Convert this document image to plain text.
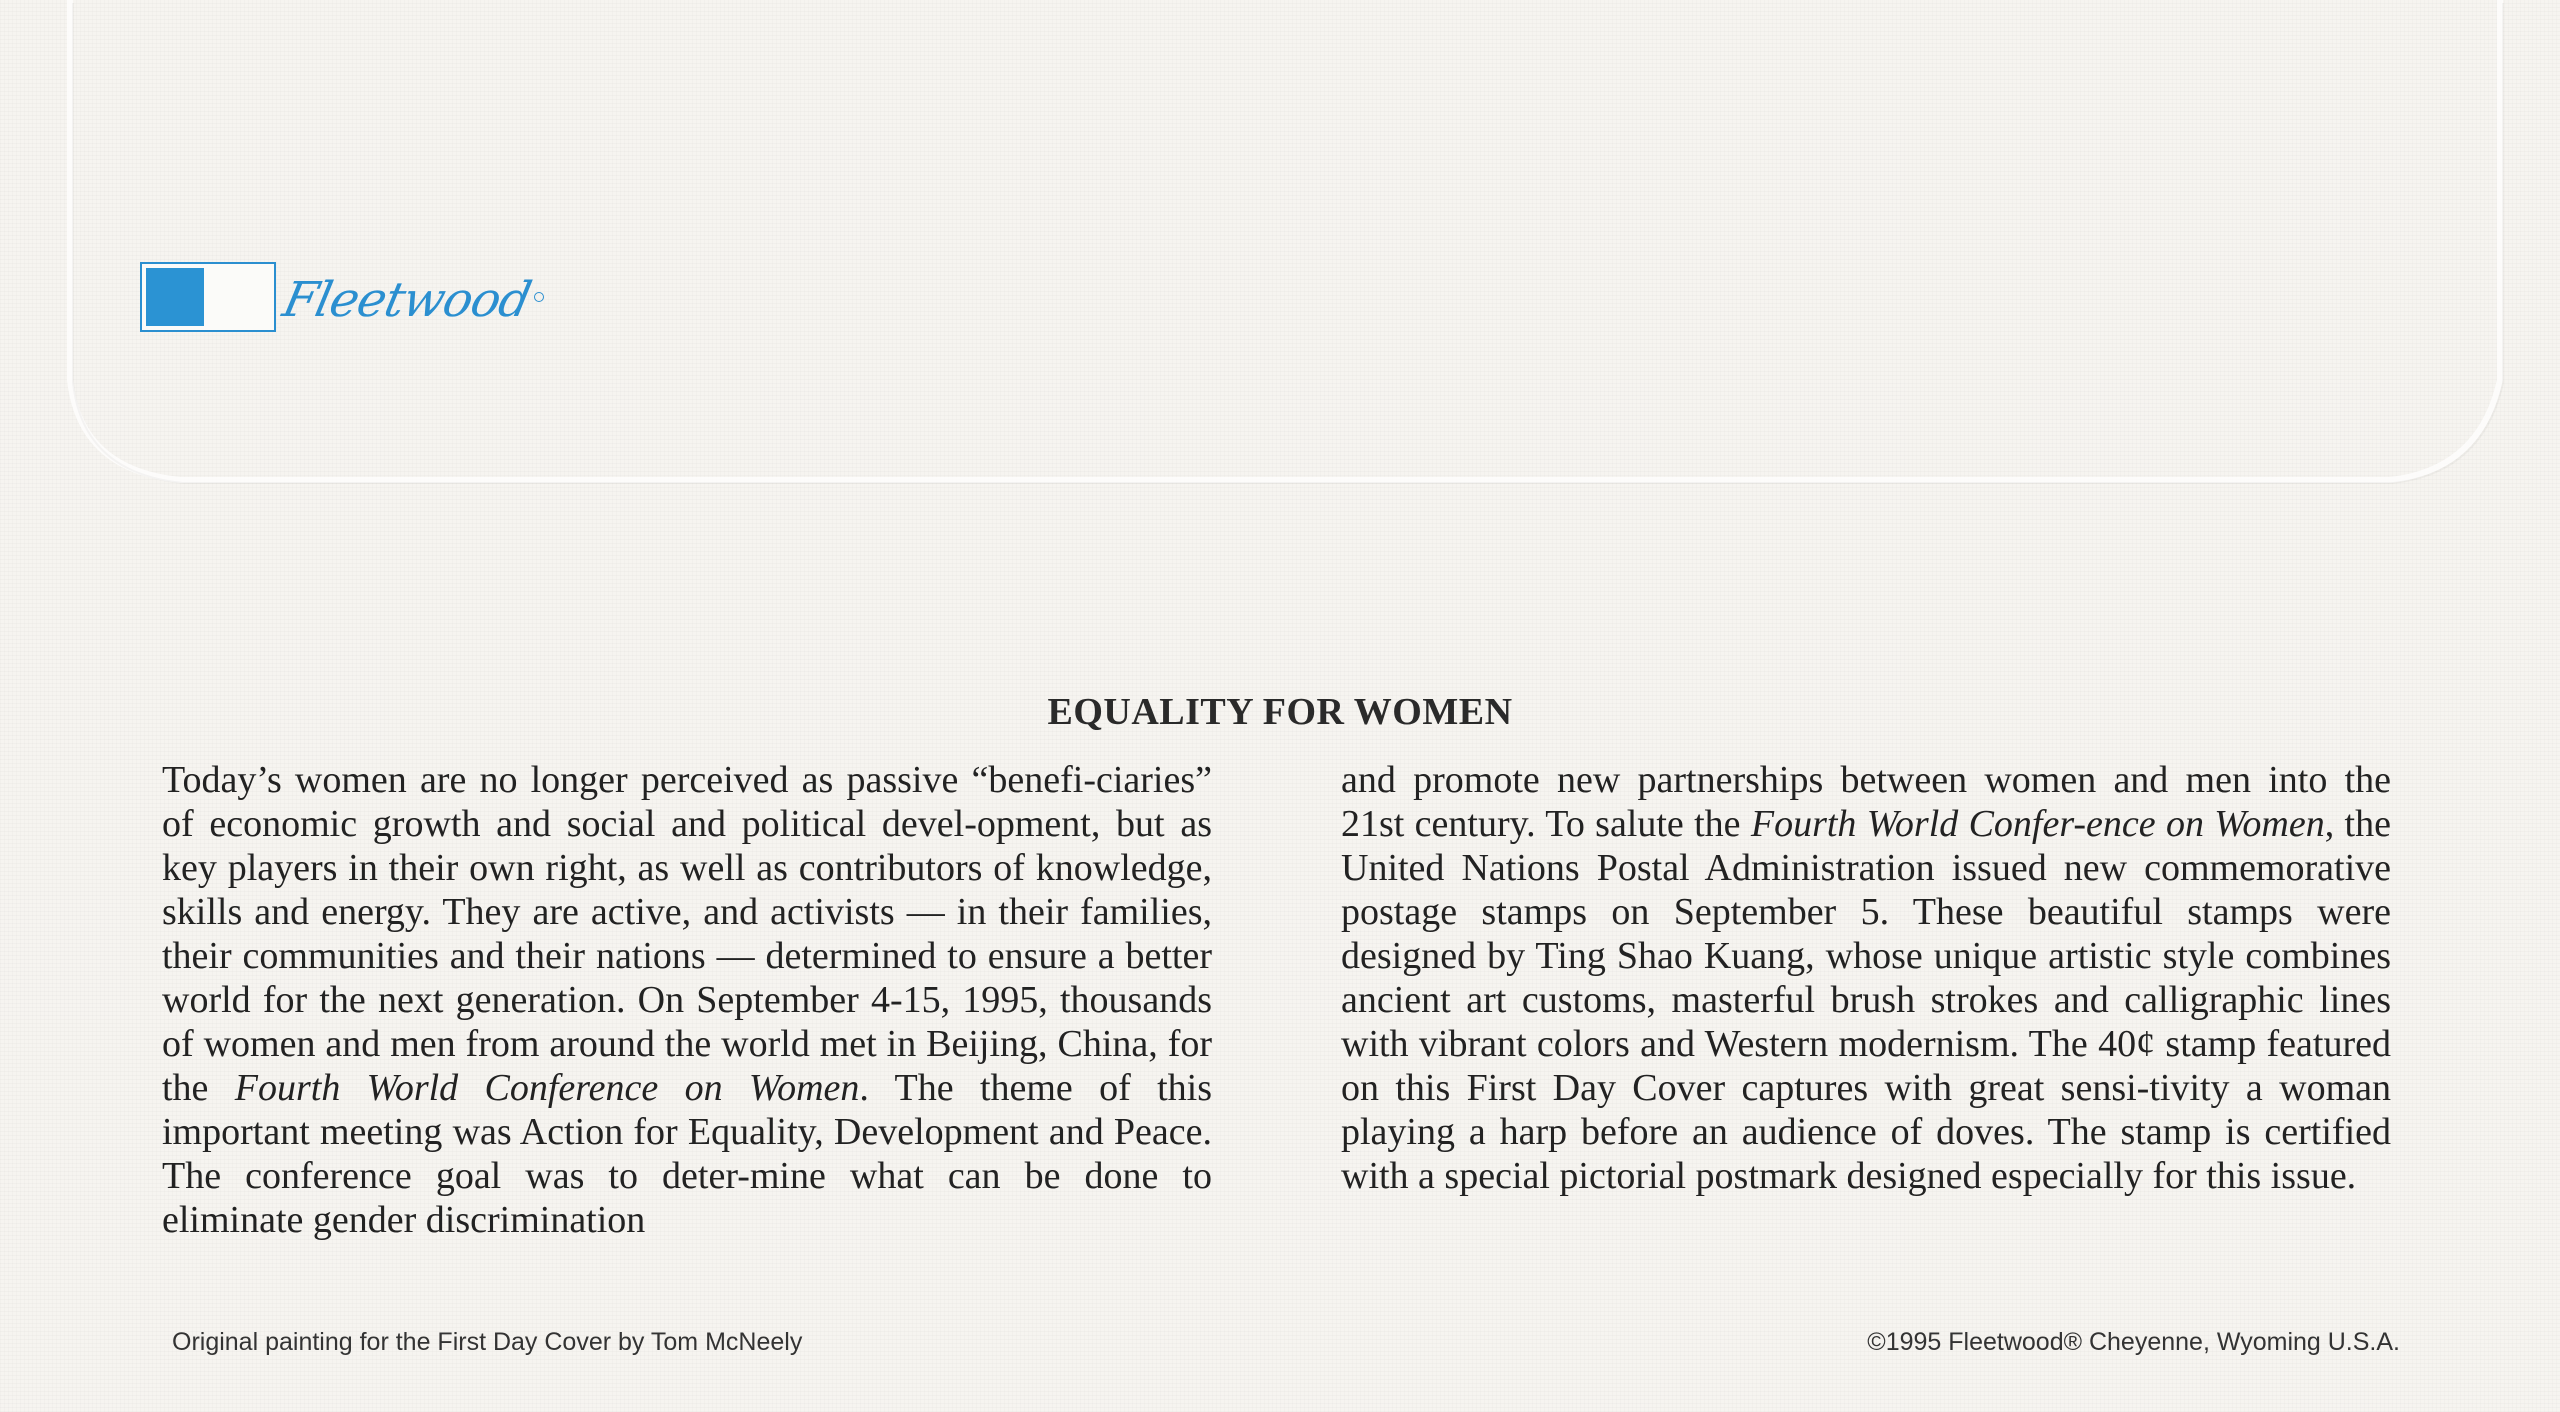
Fleetwood
EQUALITY FOR WOMEN

Today’s women are no longer perceived as passive “benefi-ciaries” of economic growth and social and political devel-opment, but as key players in their own right, as well as contributors of knowledge, skills and energy. They are active, and activists — in their families, their communities and their nations — determined to ensure a better world for the next generation. On September 4-15, 1995, thousands of women and men from around the world met in Beijing, China, for the Fourth World Conference on Women. The theme of this important meeting was Action for Equality, Development and Peace. The conference goal was to deter-mine what can be done to eliminate gender discrimination

and promote new partnerships between women and men into the 21st century. To salute the Fourth World Confer-ence on Women, the United Nations Postal Administration issued new commemorative postage stamps on September 5. These beautiful stamps were designed by Ting Shao Kuang, whose unique artistic style combines ancient art customs, masterful brush strokes and calligraphic lines with vibrant colors and Western modernism. The 40¢ stamp featured on this First Day Cover captures with great sensi-tivity a woman playing a harp before an audience of doves. The stamp is certified with a special pictorial postmark designed especially for this issue.

Original painting for the First Day Cover by Tom McNeely	©1995 Fleetwood® Cheyenne, Wyoming U.S.A.
